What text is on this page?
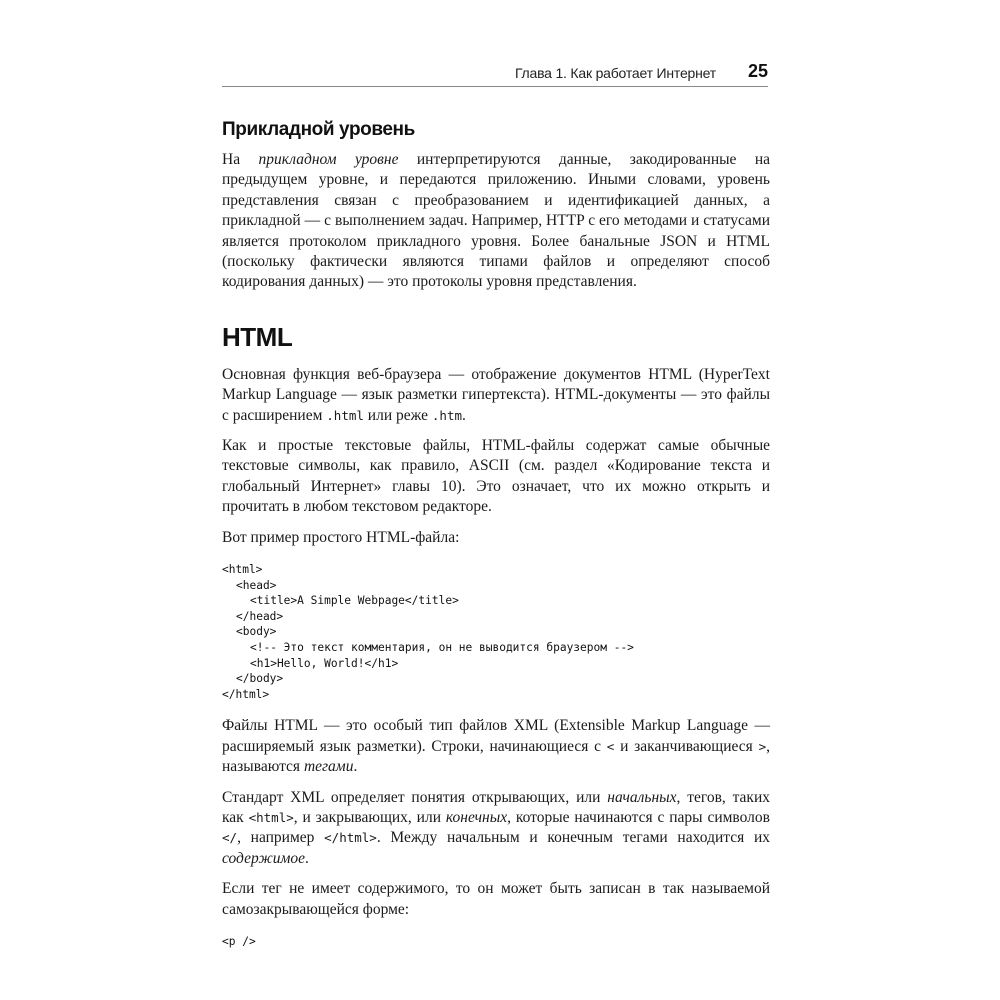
Глава 1. Как работает Интернет 25
Прикладной уровень

На прикладном уровне интерпретируются данные, закодированные на предыдущем уровне, и передаются приложению. Иными словами, уровень представления связан с преобразованием и идентификацией данных, а прикладной — с выполнением задач. Например, HTTP с его методами и статусами является протоколом прикладного уровня. Более банальные JSON и HTML (поскольку фактически являются типами файлов и определяют способ кодирования данных) — это протоколы уровня представления.

HTML

Основная функция веб-браузера — отображение документов HTML (HyperText Markup Language — язык разметки гипертекста). HTML-документы — это файлы с расширением .html или реже .htm.

Как и простые текстовые файлы, HTML-файлы содержат самые обычные текстовые символы, как правило, ASCII (см. раздел «Кодирование текста и глобальный Интернет» главы 10). Это означает, что их можно открыть и прочитать в любом текстовом редакторе.

Вот пример простого HTML-файла:

<html>
<head>
<title>A Simple Webpage</title>
</head>
<body>
<!-- Это текст комментария, он не выводится браузером -->
<h1>Hello, World!</h1>
</body>
</html>

Файлы HTML — это особый тип файлов XML (Extensible Markup Language — расширяемый язык разметки). Строки, начинающиеся с < и заканчивающиеся >, называются тегами.

Стандарт XML определяет понятия открывающих, или начальных, тегов, таких как <html>, и закрывающих, или конечных, которые начинаются с пары символов </, например </html>. Между начальным и конечным тегами находится их содержимое.

Если тег не имеет содержимого, то он может быть записан в так называемой самозакрывающейся форме:

<p />
